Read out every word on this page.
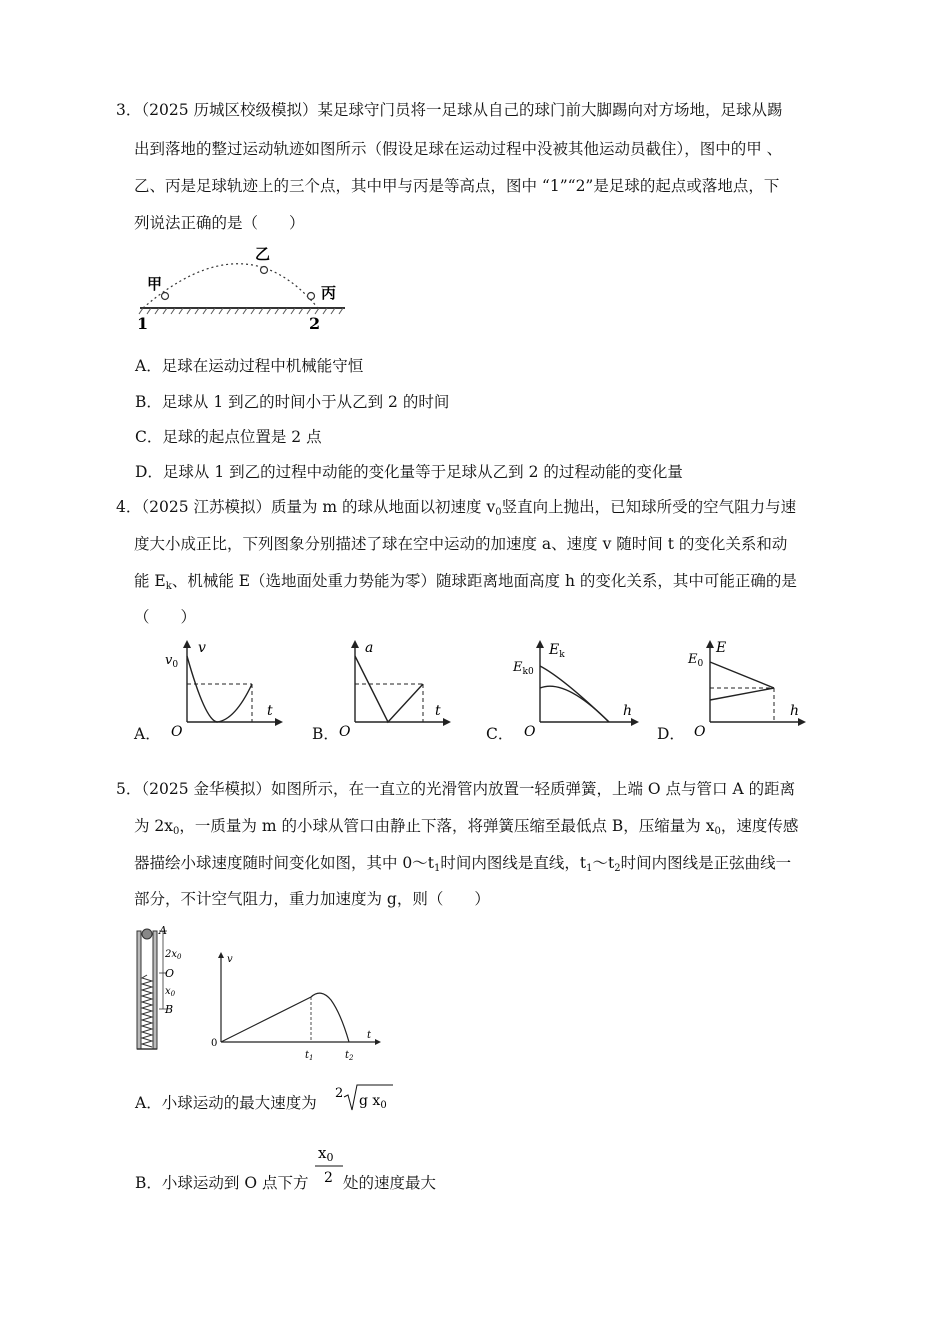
3．（2025 历城区校级模拟）某足球守门员将一足球从自己的球门前大脚踢向对方场地，足球从踢
出到落地的整过运动轨迹如图所示（假设足球在运动过程中没被其他运动员截住），图中的甲 、
乙、丙是足球轨迹上的三个点，其中甲与丙是等高点，图中 “1”“2”是足球的起点或落地点，下
列说法正确的是（　　）
甲
乙
丙
1	2
A．足球在运动过程中机械能守恒
B．足球从 1 到乙的时间小于从乙到 2 的时间
C．足球的起点位置是 2 点
D．足球从 1 到乙的过程中动能的变化量等于足球从乙到 2 的过程动能的变化量
4．（2025 江苏模拟）质量为 m 的球从地面以初速度 $v_0$竖直向上抛出，已知球所受的空气阻力与速
度大小成正比，下列图象分别描述了球在空中运动的加速度 a、速度 v 随时间 t 的变化关系和动
能 $E_k$、机械能 E（选地面处重力势能为零）随球距离地面高度 h 的变化关系，其中可能正确的是
（　　）
A．
v
$v_0$
t
O	B．
a
t
O	C．
$E_k$
$E_{k0}$
h
O	D．
E
$E_0$
h
O
5．（2025 金华模拟）如图所示，在一直立的光滑管内放置一轻质弹簧，上端 O 点与管口 A 的距离
为 $2x_0$，一质量为 m 的小球从管口由静止下落，将弹簧压缩至最低点 B，压缩量为 $x_0$，速度传感
器描绘小球速度随时间变化如图，其中 $0\sim t_1$时间内图线是直线，$t_1\sim t_2$时间内图线是正弦曲线一
部分，不计空气阻力，重力加速度为 g，则（　　）
A
$2x_0$
O
$x_0$
B
v
t
0
$t_1$	$t_2$
A．小球运动的最大速度为
2 g $x_0$
B．小球运动到 O 点下方
$x_0$
2 处的速度最大
